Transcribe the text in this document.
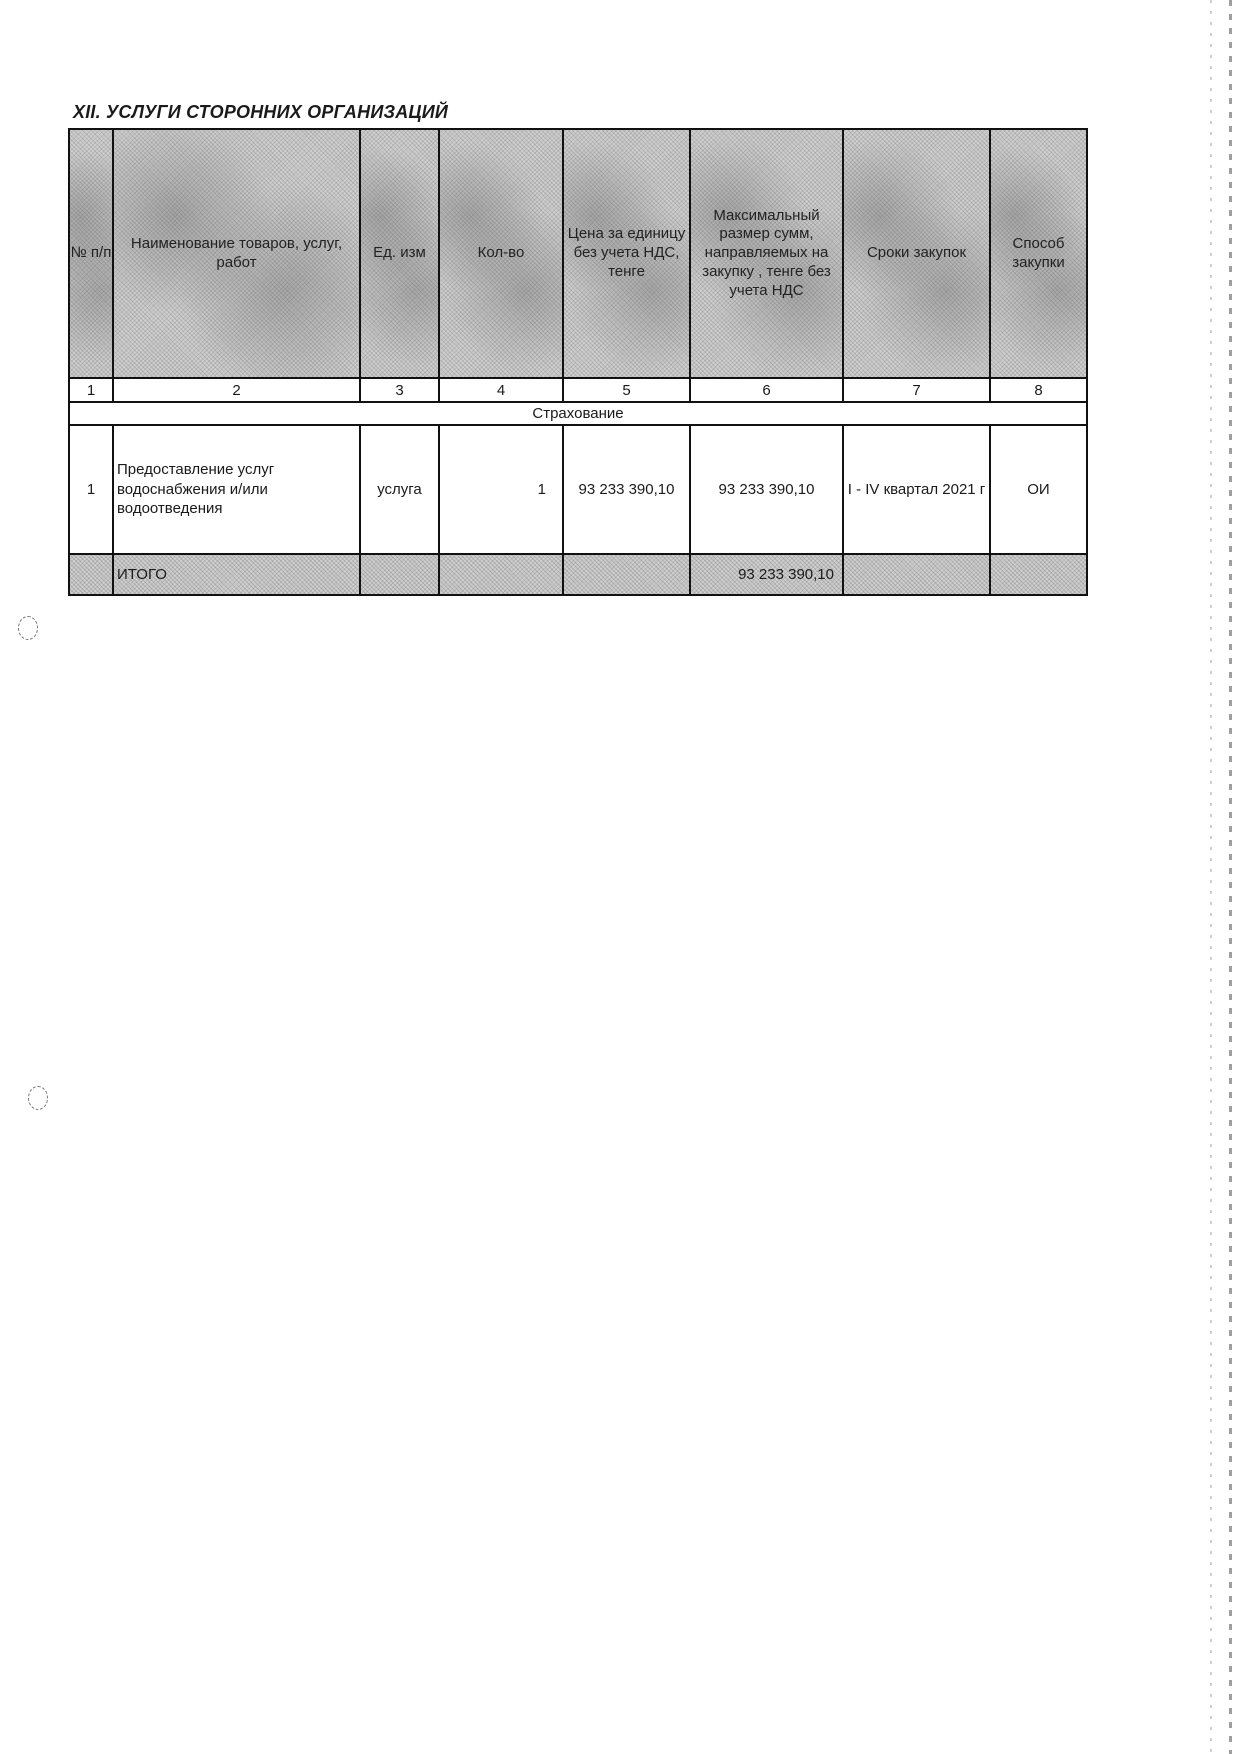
XII. УСЛУГИ СТОРОННИХ ОРГАНИЗАЦИЙ
№ п/п	Наименование товаров, услуг, работ	Ед. изм	Кол-во	Цена за единицу без учета НДС, тенге	Максимальный размер сумм, направляемых на закупку , тенге без учета НДС	Сроки закупок	Способ закупки
1	2	3	4	5	6	7	8
Страхование							
1	Предоставление услуг водоснабжения и/или водоотведения	услуга	1	93 233 390,10	93 233 390,10	I - IV квартал 2021 г	ОИ
	ИТОГО				93 233 390,10		
